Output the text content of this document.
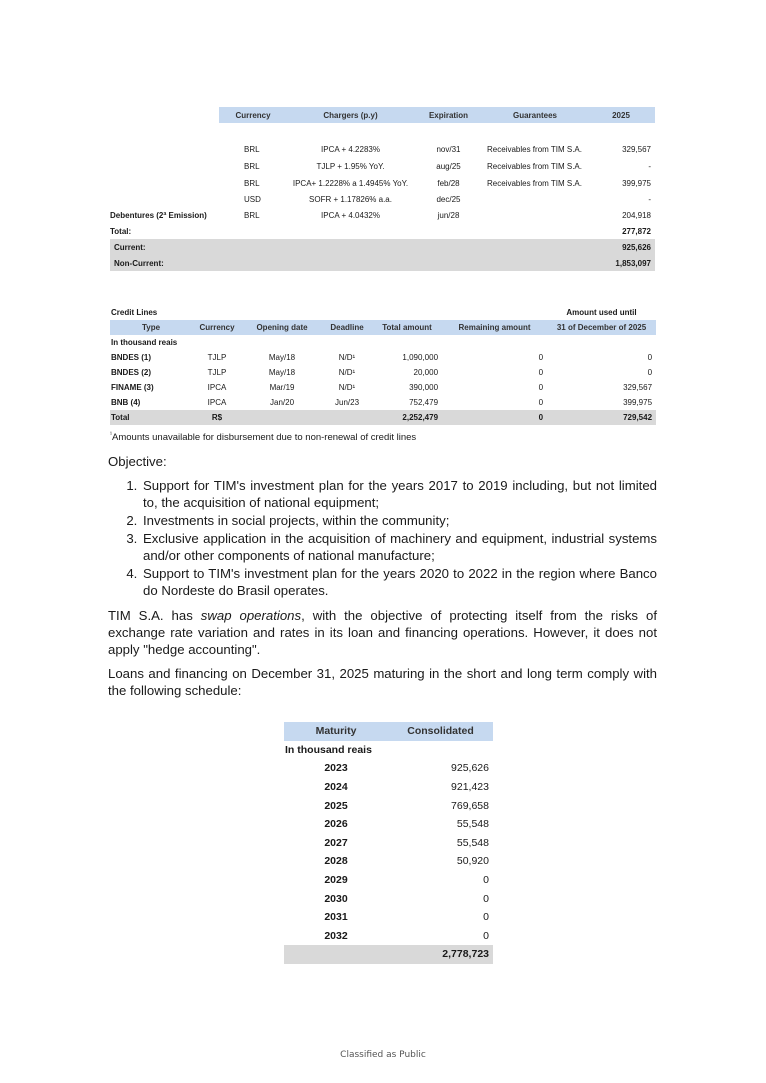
	Currency	Chargers (p.y)	Expiration	Guarantees	2025

	BRL	IPCA + 4.2283%	nov/31	Receivables from TIM S.A.	329,567
	BRL	TJLP + 1.95% YoY.	aug/25	Receivables from TIM S.A.	-
	BRL	IPCA+ 1.2228% a 1.4945% YoY.	feb/28	Receivables from TIM S.A.	399,975
	USD	SOFR + 1.17826% a.a.	dec/25		-
Debentures (2ª Emission)	BRL	IPCA + 4.0432%	jun/28		204,918
Total:					277,872
Current:					925,626
Non-Current:					1,853,097
Credit Lines						Amount used until
Type	Currency	Opening date	Deadline	Total amount	Remaining amount	31 of December of 2025
In thousand reais						
BNDES (1)	TJLP	May/18	N/D¹	1,090,000	0	0
BNDES (2)	TJLP	May/18	N/D¹	20,000	0	0
FINAME (3)	IPCA	Mar/19	N/D¹	390,000	0	329,567
BNB (4)	IPCA	Jan/20	Jun/23	752,479	0	399,975
Total	R$			2,252,479	0	729,542
$^{^1}$Amounts unavailable for disbursement due to non-renewal of credit lines

Objective:

1. Support for TIM's investment plan for the years 2017 to 2019 including, but not limited to, the acquisition of national equipment;
2. Investments in social projects, within the community;
3. Exclusive application in the acquisition of machinery and equipment, industrial systems and/or other components of national manufacture;
4. Support to TIM's investment plan for the years 2020 to 2022 in the region where Banco do Nordeste do Brasil operates.

TIM S.A. has swap operations, with the objective of protecting itself from the risks of exchange rate variation and rates in its loan and financing operations. However, it does not apply "hedge accounting".

Loans and financing on December 31, 2025 maturing in the short and long term comply with the following schedule:

Maturity	Consolidated
In thousand reais	
2023	925,626
2024	921,423
2025	769,658
2026	55,548
2027	55,548
2028	50,920
2029	0
2030	0
2031	0
2032	0
	2,778,723
Classified as Public
